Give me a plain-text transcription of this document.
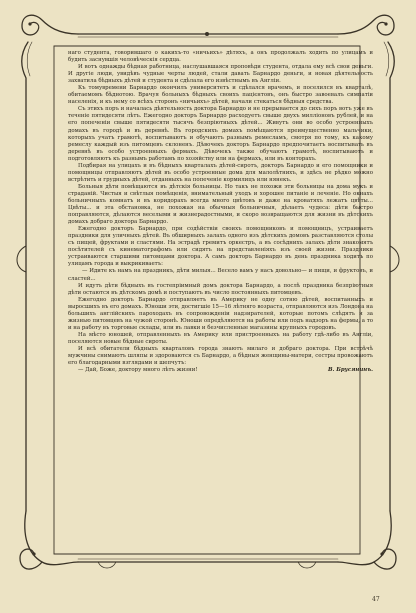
наго студента, говорившаго о какихъ-то «ничьихъ» дѣтяхъ, а онъ продолжалъ ходить по улицамъ и будить заснувшія человѣческія сердца.

И вотъ однажды бѣдная работница, наслушавшаяся проповѣди студента, отдала ему всѣ свои деньги. И другіе люди, увидѣвъ чудные черты людей, стали давать Барнардо деньги, и новая дѣятельность захватила бѣдныхъ дѣтей и студента и сдѣлала его извѣстнымъ въ Англіи.

Къ томувремени Барнардо окончилъ университетъ и сдѣлался врачемъ, и поселился въ кварталѣ, обитаемомъ бѣднотою. Врачуя больныхъ бѣдныхъ своихъ пацієнтовъ, онъ быстро завоевалъ симпатіи населенія, и къ нему со всѣхъ сторонъ «ничьихъ» дѣтей, начали стекаться бѣдныя средства.

Съ этихъ поръ и началась дѣятельность доктора Барнардо и не прерывается до сихъ поръ вотъ уже въ теченіе пятидесяти лѣтъ. Ежегодно докторъ Барнардо расходуетъ свыше двухъ милліоновъ рублей, и на его попеченіи свыше пятидесяти тысячъ безпріютныхъ дѣтей... Живутъ они во особо устроенныхъ домахъ въ городѣ и въ деревнѣ. Въ городскихъ домахъ помѣщаются преимущественно мальчики, которыхъ учатъ грамотѣ, воспитываютъ и обучаютъ разнымъ ремесламъ, смотря по тому, къ какому ремеслу каждый изъ питомцевъ склоненъ. Дѣвочекъ докторъ Барнардо предпочитаетъ воспитывать въ деревнѣ въ особо устроенныхъ фермахъ. Дѣвочекъ также обучаютъ грамотѣ, воспитываютъ и подготовляютъ къ разнымъ работамъ по хозяйству или на фермахъ, или въ конторахъ.

Подбирая на улицахъ и въ бѣдныхъ кварталахъ дѣтей-сиротъ, докторъ Барнардо и его помощники и помощницы отправляютъ дѣтей въ особо устроенные дома для малолѣтнихъ, и здѣсь не рѣдко можно встрѣтить и грудныхъ дѣтей, отданныхъ на попеченіе кормилицъ или нянекъ.

Больныя дѣти помѣщаются въ дѣтскія больницы. Но такъ не похожи эти больницы на дома мукъ и страданій. Чистыя и свѣтлыя помѣщенія, внимательный уходъ и хорошее питаніе и леченіе. Но окнахъ больничныхъ комнатъ и въ коридорахъ всегда много цвѣтовъ и даже на кроватяхъ лежатъ цвѣты... Цвѣты... и эта обстановка, не похожая на обычныя больничныя, дѣлаетъ чудеса: дѣти быстро поправляются, дѣлаются веселыми и жизнерадостными, и скоро возвращаются для жизни въ дѣтскихъ домахъ добраго доктора Барнардо.

Ежегодно докторъ Барнардо, при содѣйствіи своихъ помощниковъ и помощницъ, устраиваетъ праздники для уличныхъ дѣтей. Въ обширныхъ залахъ одного изъ дѣтскихъ домовъ разставляются столы съ пищей, фруктами и сластями. На эстрадѣ гремитъ оркестръ, а въ сосѣднихъ залахъ дѣти знакомятъ посѣтителей съ кинематографомъ или сидятъ на представленіяхъ изъ своей жизни. Праздники устраиваются старшими питомцами доктора. А самъ докторъ Барнардо въ день праздника ходитъ по улицамъ города и выкрикиваетъ:

— Идите къ намъ на праздникъ, дѣти милыя... Весело вамъ у насъ довольно— и пищи, и фруктовъ, и сластей...

И идутъ дѣти бѣдныхъ въ гостепріимный домъ доктора Барнардо, а послѣ праздника безпріютныя дѣти остаются въ дѣтскомъ домѣ и поступаютъ въ число постоянныхъ питомцевъ.

Ежегодно докторъ Барнардо отправляетъ въ Америку не одну сотню дѣтей, воспитанныхъ и выросшихъ въ его домахъ. Юноши эти, достигшіе 15—16 лѣтняго возраста, отправляются изъ Лондона на большихъ англійскихъ пароходахъ въ сопровожденіи надзирателей, которые потомъ слѣдятъ и за жизнью питомцевъ на чужой сторонѣ. Юноши опредѣляются на работы или подъ надзоръ на фермы, а то и на работу въ торговые склады, или въ лавки и безчисленные магазины крупныхъ городовъ.

На мѣсто юношей, отправленныхъ въ Америку или пристроенныхъ на работу гдѣ-либо въ Англіи, поселяются новые бѣдные сироты.

И всѣ обитатели бѣдныхъ кварталовъ города знаютъ милаго и добраго доктора. При встрѣчѣ мужчины снимаютъ шляпы и здороваются съ Барнардо, а бѣдныя женщины-матери, сестры провожаютъ его благодарными взглядами и шепчутъ:

— Дай, Боже, доктору много лѣтъ жизни!	В. Брусянинъ.
47
